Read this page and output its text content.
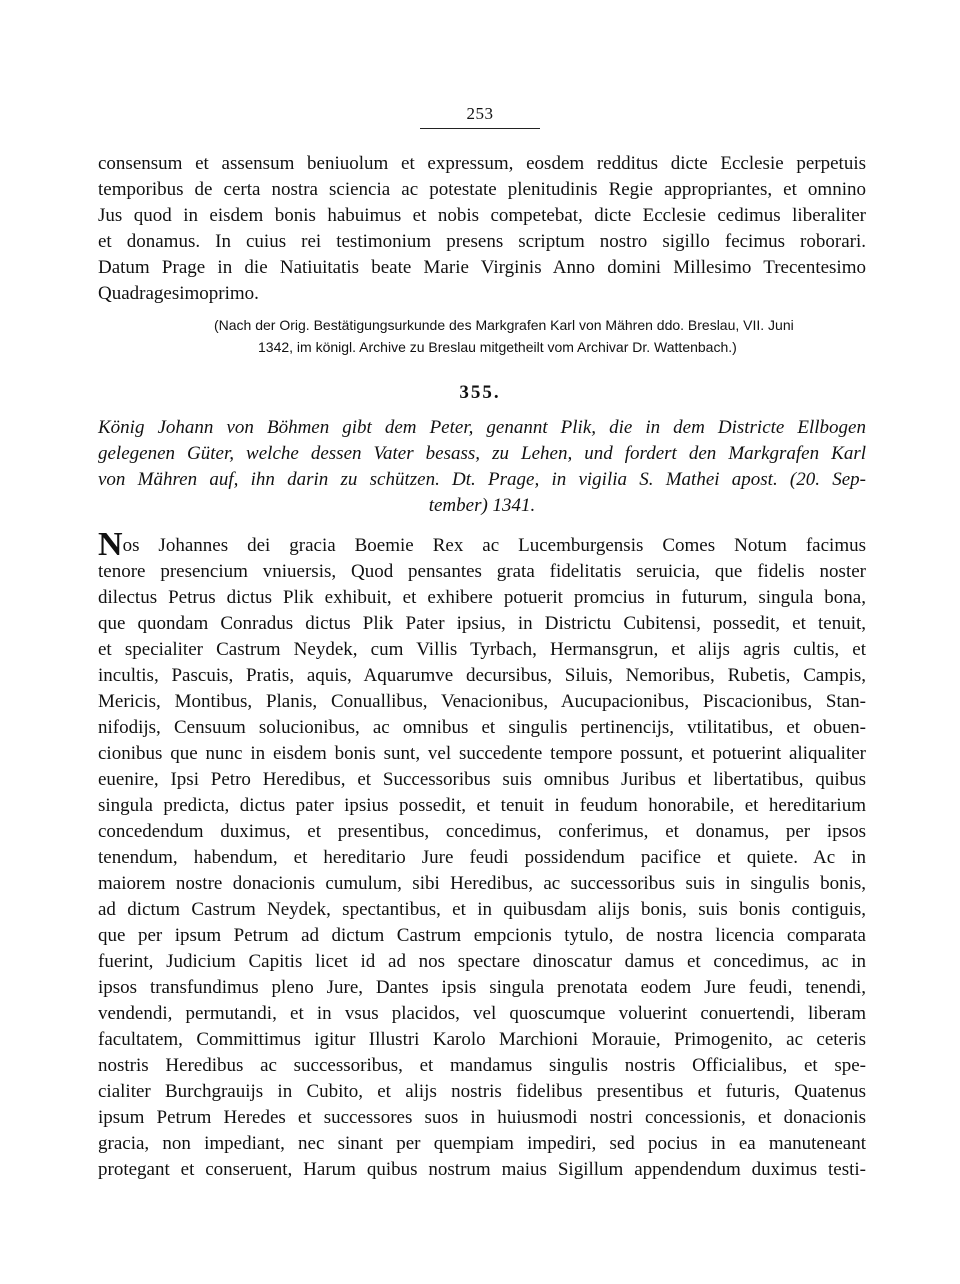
253

consensum et assensum beniuolum et expressum, eosdem redditus dicte Ecclesie perpetuis

temporibus de certa nostra sciencia ac potestate plenitudinis Regie appropriantes, et omnino

Jus quod in eisdem bonis habuimus et nobis competebat, dicte Ecclesie cedimus liberaliter

et donamus. In cuius rei testimonium presens scriptum nostro sigillo fecimus roborari.

Datum Prage in die Natiuitatis beate Marie Virginis Anno domini Millesimo Trecentesimo

Quadragesimoprimo.

(Nach der Orig. Bestätigungsurkunde des Markgrafen Karl von Mähren ddo. Breslau, VII. Juni

1342, im königl. Archive zu Breslau mitgetheilt vom Archivar Dr. Wattenbach.)

355.

König Johann von Böhmen gibt dem Peter, genannt Plik, die in dem Districte Ellbogen

gelegenen Güter, welche dessen Vater besass, zu Lehen, und fordert den Markgrafen Karl

von Mähren auf, ihn darin zu schützen. Dt. Prage, in vigilia S. Mathei apost. (20. Sep-

tember) 1341.

Nos Johannes dei gracia Boemie Rex ac Lucemburgensis Comes Notum facimus

tenore presencium vniuersis, Quod pensantes grata fidelitatis seruicia, que fidelis noster

dilectus Petrus dictus Plik exhibuit, et exhibere potuerit promcius in futurum, singula bona,

que quondam Conradus dictus Plik Pater ipsius, in Districtu Cubitensi, possedit, et tenuit,

et specialiter Castrum Neydek, cum Villis Tyrbach, Hermansgrun, et alijs agris cultis, et

incultis, Pascuis, Pratis, aquis, Aquarumve decursibus, Siluis, Nemoribus, Rubetis, Campis,

Mericis, Montibus, Planis, Conuallibus, Venacionibus, Aucupacionibus, Piscacionibus, Stan-

nifodijs, Censuum solucionibus, ac omnibus et singulis pertinencijs, vtilitatibus, et obuen-

cionibus que nunc in eisdem bonis sunt, vel succedente tempore possunt, et potuerint aliqualiter

euenire, Ipsi Petro Heredibus, et Successoribus suis omnibus Juribus et libertatibus, quibus

singula predicta, dictus pater ipsius possedit, et tenuit in feudum honorabile, et hereditarium

concedendum duximus, et presentibus, concedimus, conferimus, et donamus, per ipsos

tenendum, habendum, et hereditario Jure feudi possidendum pacifice et quiete. Ac in

maiorem nostre donacionis cumulum, sibi Heredibus, ac successoribus suis in singulis bonis,

ad dictum Castrum Neydek, spectantibus, et in quibusdam alijs bonis, suis bonis contiguis,

que per ipsum Petrum ad dictum Castrum empcionis tytulo, de nostra licencia comparata

fuerint, Judicium Capitis licet id ad nos spectare dinoscatur damus et concedimus, ac in

ipsos transfundimus pleno Jure, Dantes ipsis singula prenotata eodem Jure feudi, tenendi,

vendendi, permutandi, et in vsus placidos, vel quoscumque voluerint conuertendi, liberam

facultatem, Committimus igitur Illustri Karolo Marchioni Morauie, Primogenito, ac ceteris

nostris Heredibus ac successoribus, et mandamus singulis nostris Officialibus, et spe-

cialiter Burchgrauijs in Cubito, et alijs nostris fidelibus presentibus et futuris, Quatenus

ipsum Petrum Heredes et successores suos in huiusmodi nostri concessionis, et donacionis

gracia, non impediant, nec sinant per quempiam impediri, sed pocius in ea manuteneant

protegant et conseruent, Harum quibus nostrum maius Sigillum appendendum duximus testi-
